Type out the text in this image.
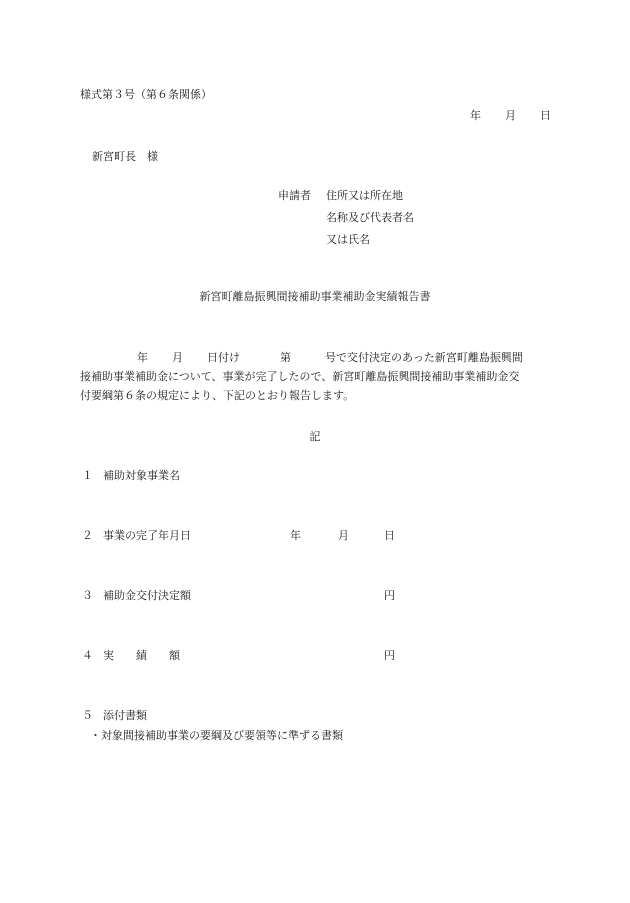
様式第３号（第６条関係）
年 月 日
新宮町長　様
申請者 住所又は所在地
名称及び代表者名
又は氏名
新宮町離島振興間接補助事業補助金実績報告書
年 月 日付け	第	号で交付決定のあった新宮町離島振興間
接補助事業補助金について、事業が完了したので、新宮町離島振興間接補助事業補助金交
付要綱第６条の規定により、下記のとおり報告します。
記
１ 補助対象事業名
２ 事業の完了年月日	年	月	日
３ 補助金交付決定額	円
４ 実　　績　　額	円
５ 添付書類
・対象間接補助事業の要綱及び要領等に準ずる書類
